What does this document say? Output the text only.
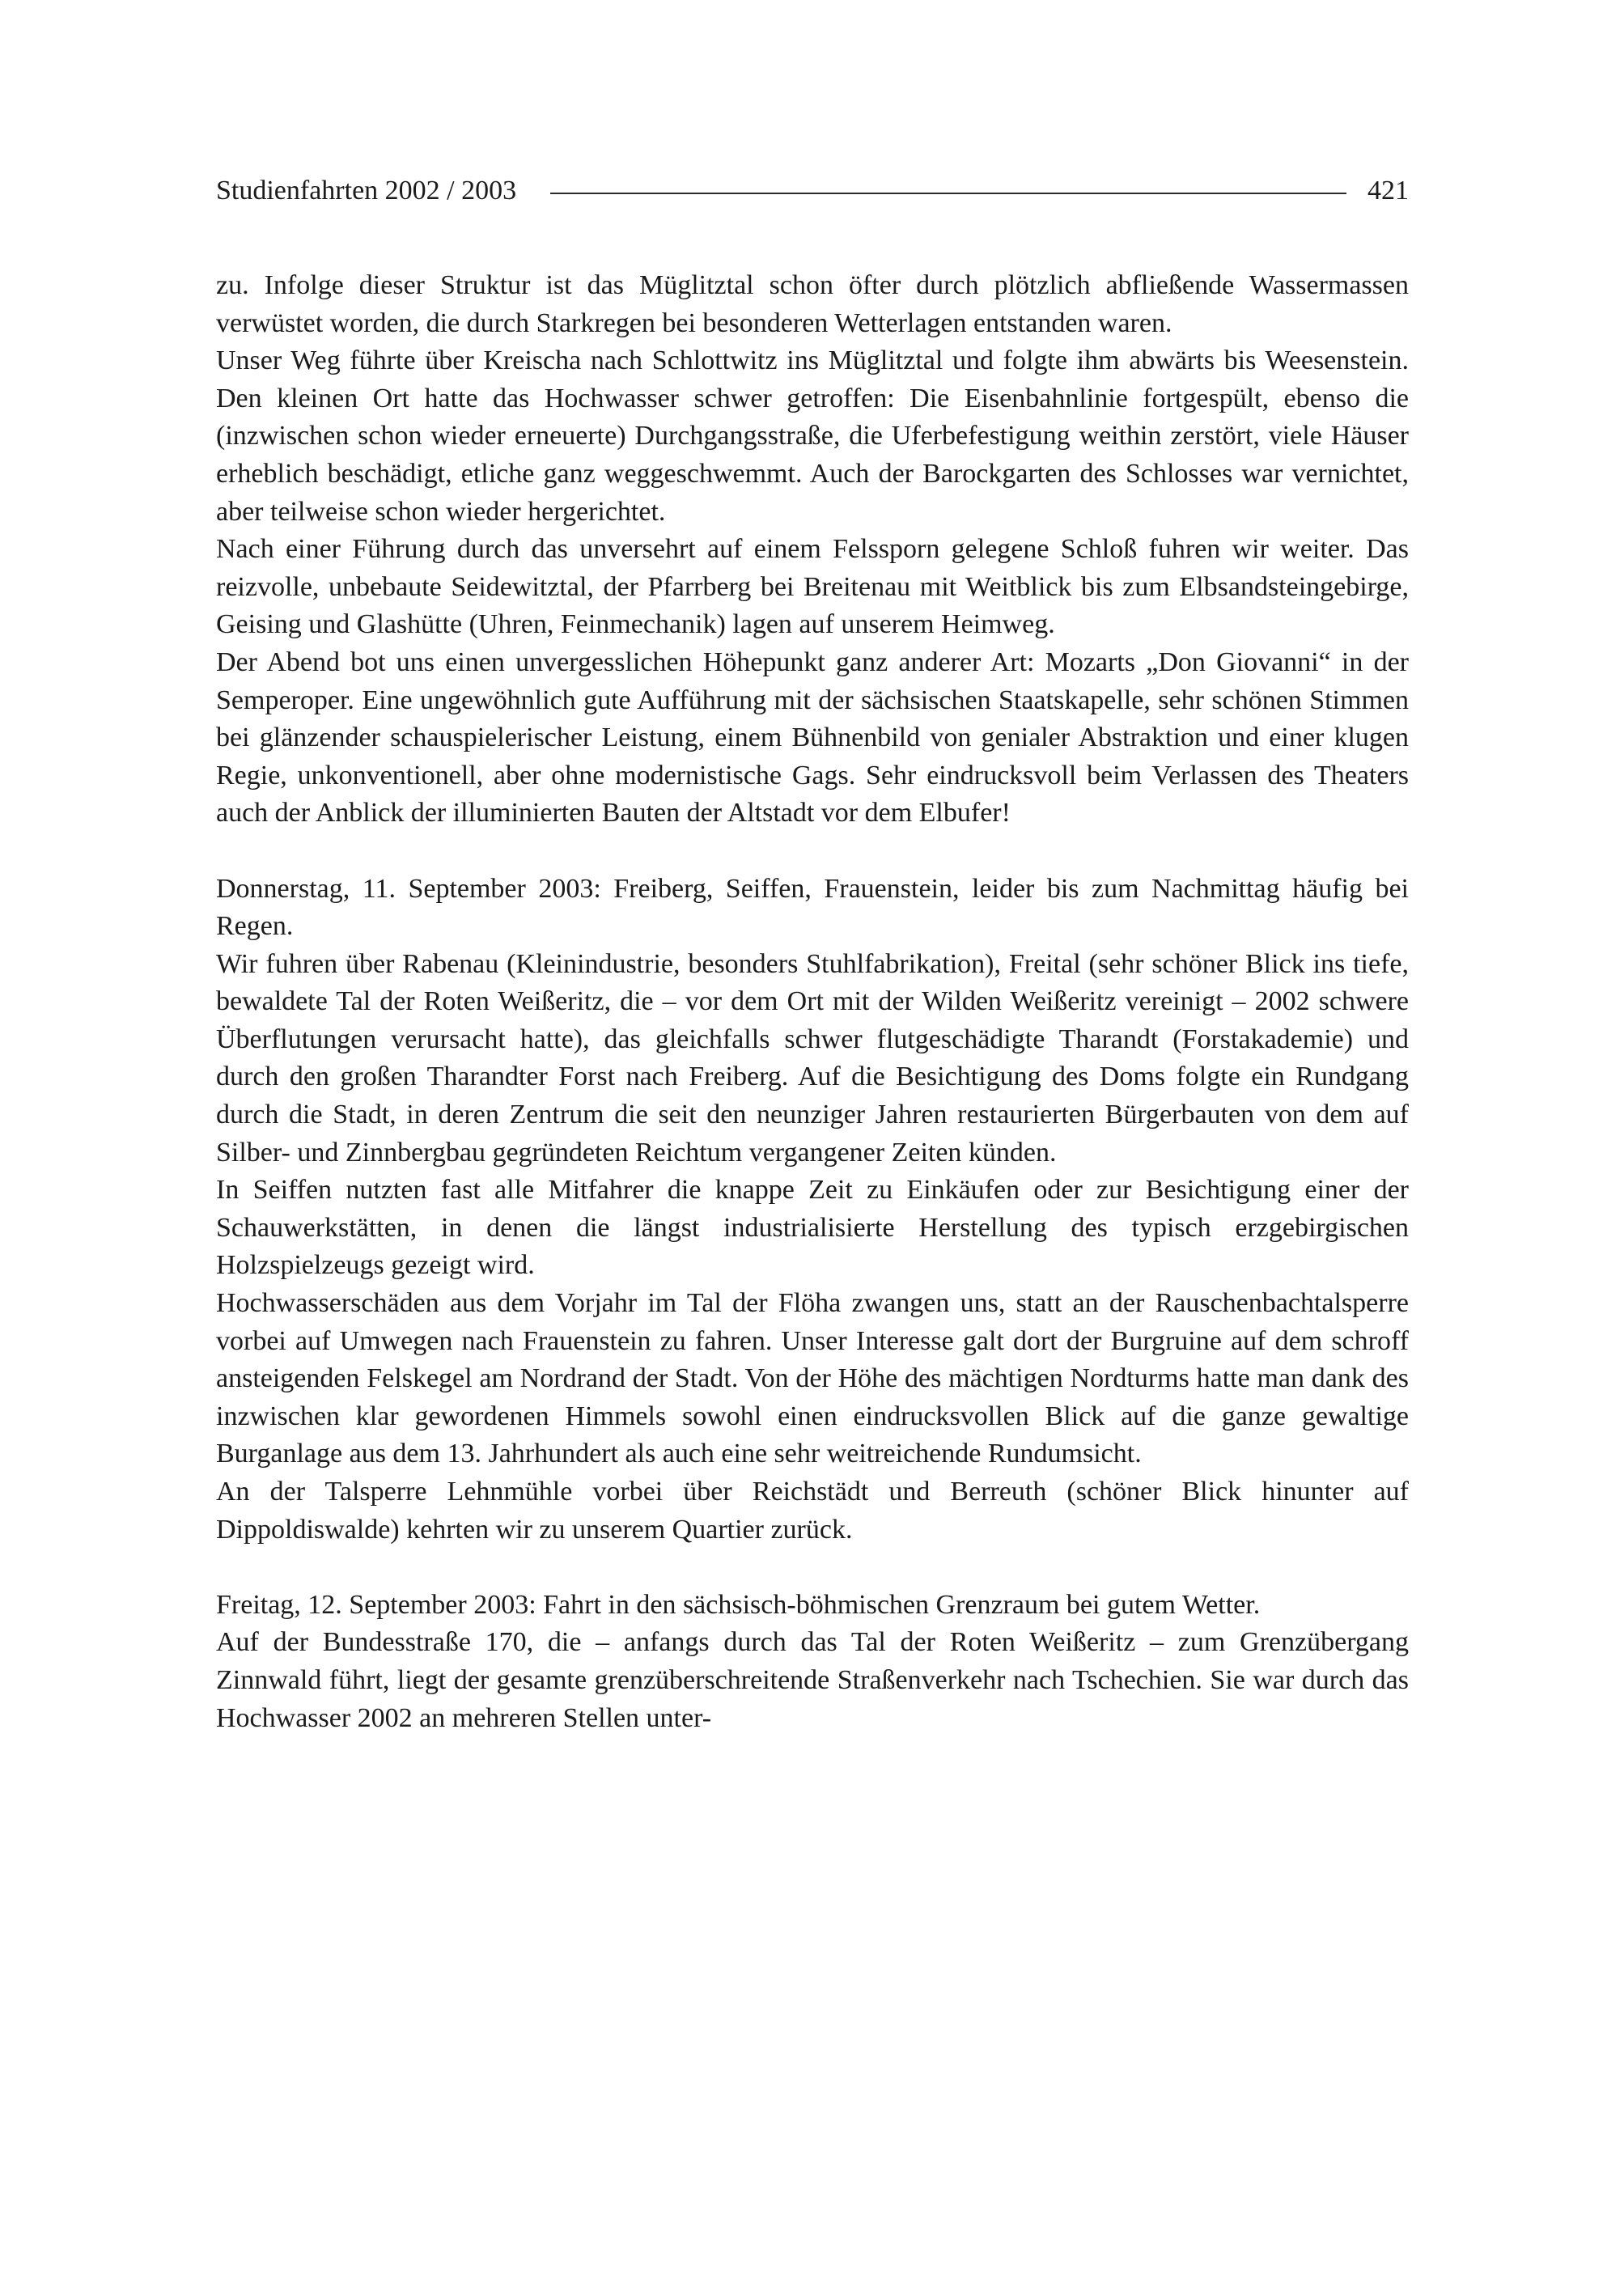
Studienfahrten 2002 / 2003	421

zu. Infolge dieser Struktur ist das Müglitztal schon öfter durch plötzlich abfließende Wassermassen verwüstet worden, die durch Starkregen bei besonderen Wetterlagen entstanden waren.

Unser Weg führte über Kreischa nach Schlottwitz ins Müglitztal und folgte ihm abwärts bis Weesenstein. Den kleinen Ort hatte das Hochwasser schwer getroffen: Die Eisenbahnlinie fortgespült, ebenso die (inzwischen schon wieder erneuerte) Durchgangsstraße, die Uferbefestigung weithin zerstört, viele Häuser erheblich beschädigt, etliche ganz weggeschwemmt. Auch der Barockgarten des Schlosses war vernichtet, aber teilweise schon wieder hergerichtet.

Nach einer Führung durch das unversehrt auf einem Felssporn gelegene Schloß fuhren wir weiter. Das reizvolle, unbebaute Seidewitztal, der Pfarrberg bei Breitenau mit Weitblick bis zum Elbsandsteingebirge, Geising und Glashütte (Uhren, Feinmechanik) lagen auf unserem Heimweg.

Der Abend bot uns einen unvergesslichen Höhepunkt ganz anderer Art: Mozarts „Don Giovanni“ in der Semperoper. Eine ungewöhnlich gute Aufführung mit der sächsischen Staatskapelle, sehr schönen Stimmen bei glänzender schauspielerischer Leistung, einem Bühnenbild von genialer Abstraktion und einer klugen Regie, unkonventionell, aber ohne modernistische Gags. Sehr eindrucksvoll beim Verlassen des Theaters auch der Anblick der illuminierten Bauten der Altstadt vor dem Elbufer!

Donnerstag, 11. September 2003: Freiberg, Seiffen, Frauenstein, leider bis zum Nachmittag häufig bei Regen.

Wir fuhren über Rabenau (Kleinindustrie, besonders Stuhlfabrikation), Freital (sehr schöner Blick ins tiefe, bewaldete Tal der Roten Weißeritz, die – vor dem Ort mit der Wilden Weißeritz vereinigt – 2002 schwere Überflutungen verursacht hatte), das gleichfalls schwer flutgeschädigte Tharandt (Forstakademie) und durch den großen Tharandter Forst nach Freiberg. Auf die Besichtigung des Doms folgte ein Rundgang durch die Stadt, in deren Zentrum die seit den neunziger Jahren restaurierten Bürgerbauten von dem auf Silber- und Zinnbergbau gegründeten Reichtum vergangener Zeiten künden.

In Seiffen nutzten fast alle Mitfahrer die knappe Zeit zu Einkäufen oder zur Besichtigung einer der Schauwerkstätten, in denen die längst industrialisierte Herstellung des typisch erzgebirgischen Holzspielzeugs gezeigt wird.

Hochwasserschäden aus dem Vorjahr im Tal der Flöha zwangen uns, statt an der Rauschenbachtalsperre vorbei auf Umwegen nach Frauenstein zu fahren. Unser Interesse galt dort der Burgruine auf dem schroff ansteigenden Felskegel am Nordrand der Stadt. Von der Höhe des mächtigen Nordturms hatte man dank des inzwischen klar gewordenen Himmels sowohl einen eindrucksvollen Blick auf die ganze gewaltige Burganlage aus dem 13. Jahrhundert als auch eine sehr weitreichende Rundumsicht.

An der Talsperre Lehnmühle vorbei über Reichstädt und Berreuth (schöner Blick hinunter auf Dippoldiswalde) kehrten wir zu unserem Quartier zurück.

Freitag, 12. September 2003: Fahrt in den sächsisch-böhmischen Grenzraum bei gutem Wetter.

Auf der Bundesstraße 170, die – anfangs durch das Tal der Roten Weißeritz – zum Grenzübergang Zinnwald führt, liegt der gesamte grenzüberschreitende Straßenverkehr nach Tschechien. Sie war durch das Hochwasser 2002 an mehreren Stellen unter-
